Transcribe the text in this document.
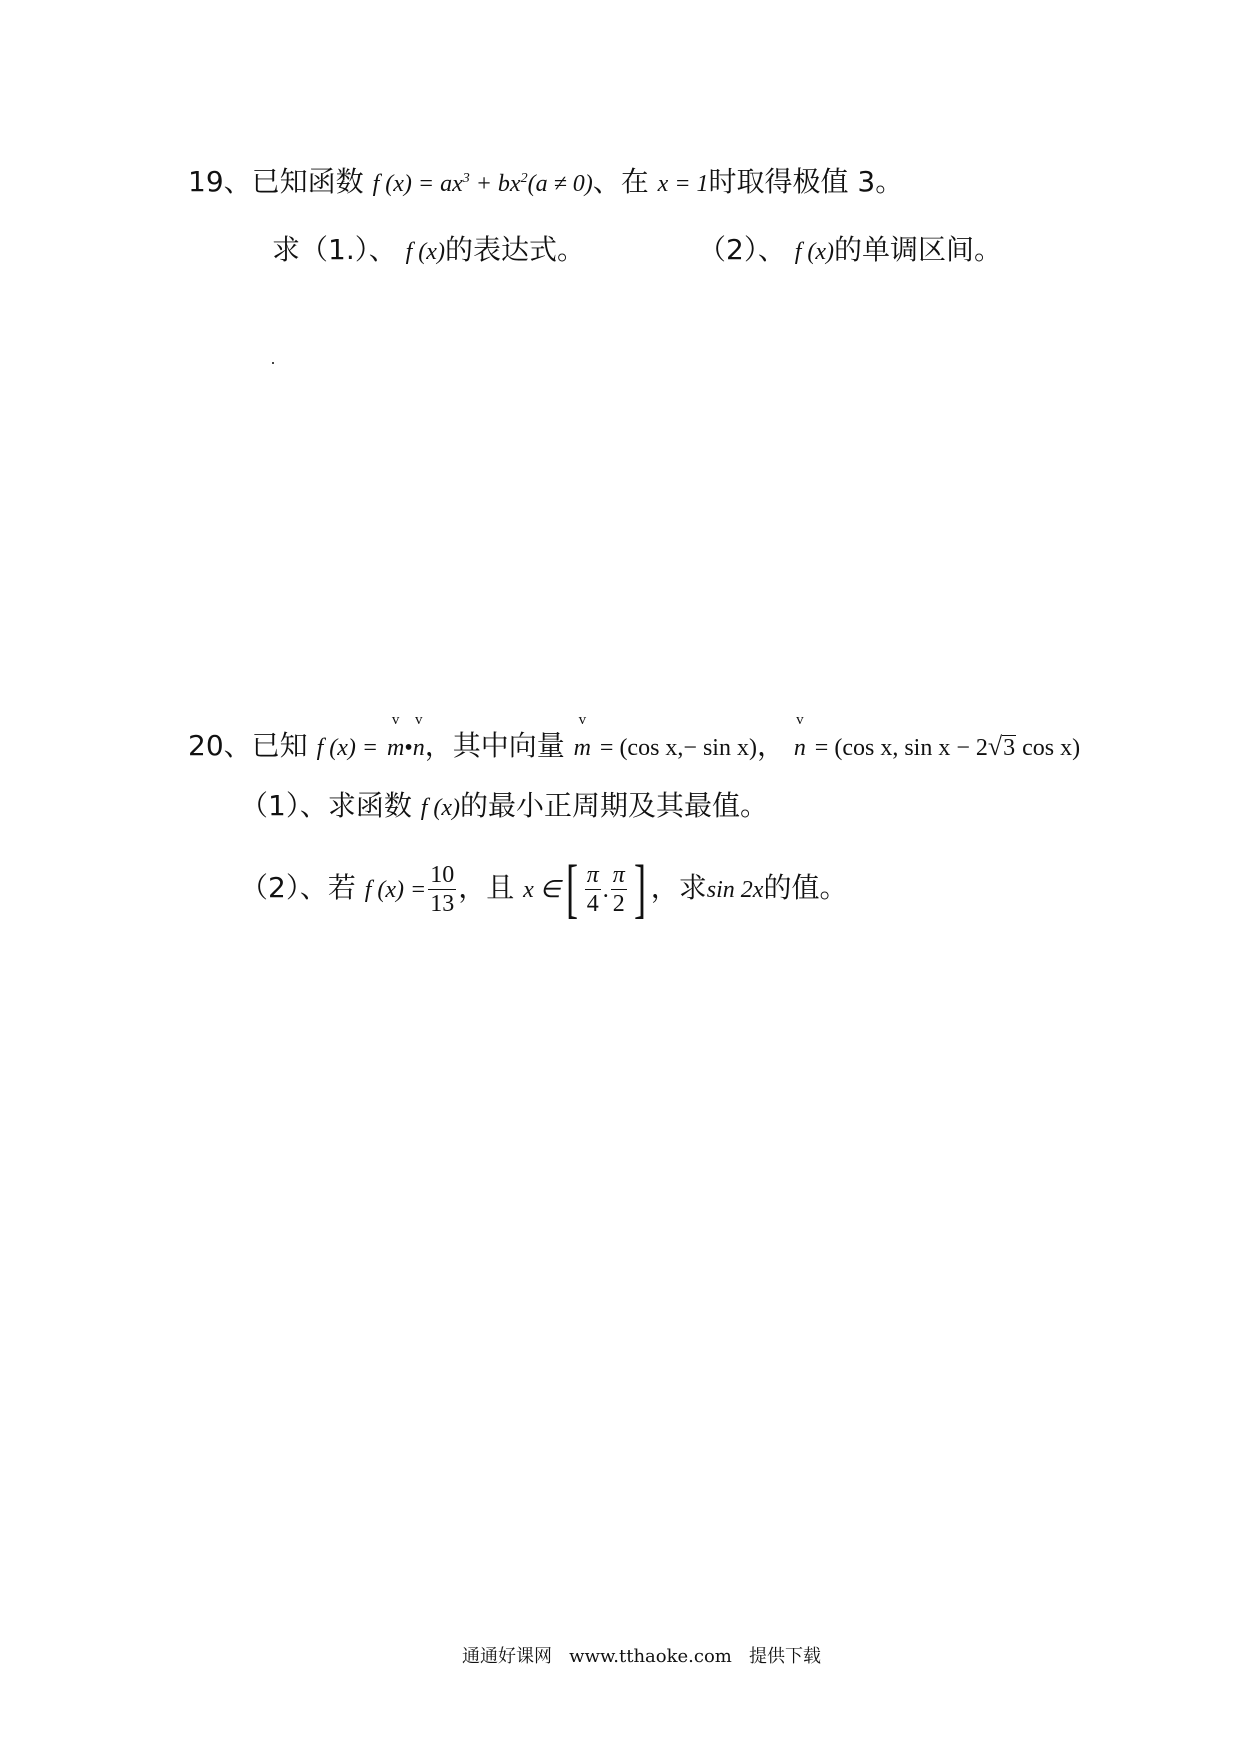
19、已知函数 f $(x) = ax^3 + bx^2(a \ne 0)$、在 x = 1时取得极值 3。
求（1.）、 f (x)的表达式。	（2）、 f (x)的单调区间。
20、已知 f (x) =
v
m•
v
n，其中向量
v
m = (cos x,− sin x)，
v
n = (cos x, sin x − 2√3 cos x)
（1）、求函数 f (x)的最小正周期及其最值。
（2）、若 f $(x) = \frac{10}{13}$ ，且 x ∈[ $\frac{\pi}{4}$ . $\frac{\pi}{2}$ ] ，求sin 2x的值。
通通好课网 www.tthaoke.com 提供下载
